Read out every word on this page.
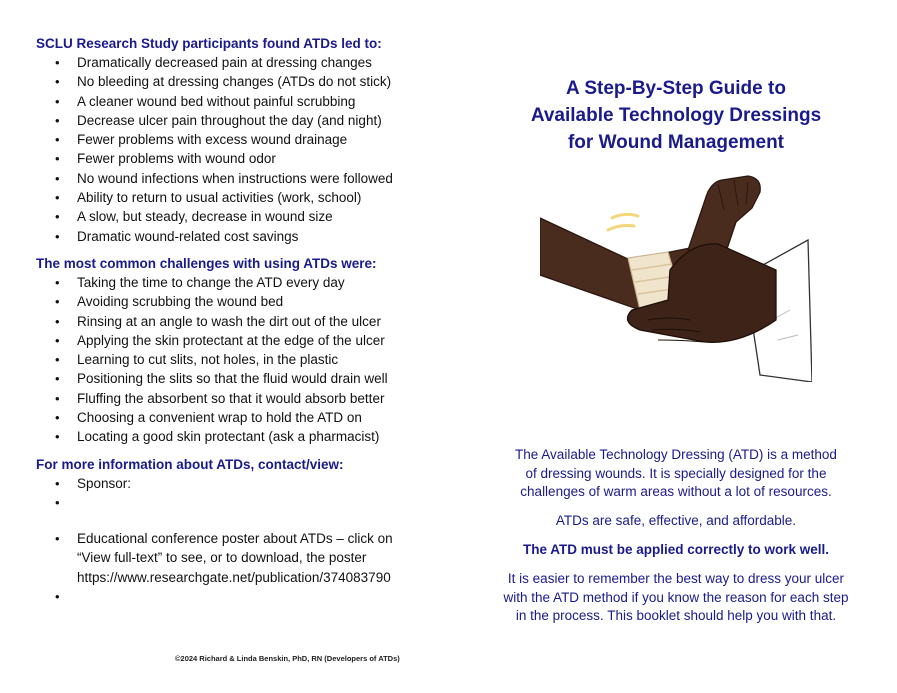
SCLU Research Study participants found ATDs led to:

• Dramatically decreased pain at dressing changes
• No bleeding at dressing changes (ATDs do not stick)
• A cleaner wound bed without painful scrubbing
• Decrease ulcer pain throughout the day (and night)
• Fewer problems with excess wound drainage
• Fewer problems with wound odor
• No wound infections when instructions were followed
• Ability to return to usual activities (work, school)
• A slow, but steady, decrease in wound size
• Dramatic wound-related cost savings

The most common challenges with using ATDs were:

• Taking the time to change the ATD every day
• Avoiding scrubbing the wound bed
• Rinsing at an angle to wash the dirt out of the ulcer
• Applying the skin protectant at the edge of the ulcer
• Learning to cut slits, not holes, in the plastic
• Positioning the slits so that the fluid would drain well
• Fluffing the absorbent so that it would absorb better
• Choosing a convenient wrap to hold the ATD on
• Locating a good skin protectant (ask a pharmacist)

For more information about ATDs, contact/view:

• Sponsor:
•
• Educational conference poster about ATDs – click on
“View full-text” to see, or to download, the poster
https://www.researchgate.net/publication/374083790
•
©2024 Richard & Linda Benskin, PhD, RN (Developers of ATDs)
A Step-By-Step Guide to
Available Technology Dressings
for Wound Management
The Available Technology Dressing (ATD) is a method
of dressing wounds. It is specially designed for the
challenges of warm areas without a lot of resources.
ATDs are safe, effective, and affordable.
The ATD must be applied correctly to work well.
It is easier to remember the best way to dress your ulcer
with the ATD method if you know the reason for each step
in the process. This booklet should help you with that.
